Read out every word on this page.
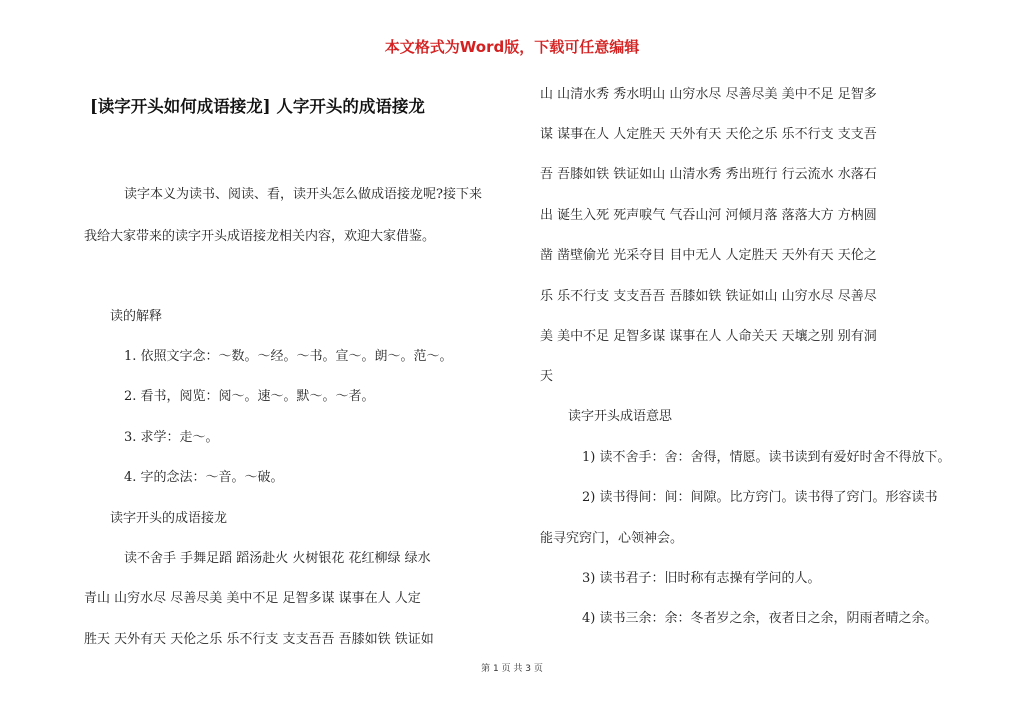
本文格式为Word版，下载可任意编辑
[读字开头如何成语接龙] 人字开头的成语接龙
读字本义为读书、阅读、看，读开头怎么做成语接龙呢?接下来
我给大家带来的读字开头成语接龙相关内容，欢迎大家借鉴。
读的解释
1. 依照文字念：～数。～经。～书。宣～。朗～。范～。
2. 看书，阅览：阅～。速～。默～。～者。
3. 求学：走～。
4. 字的念法：～音。～破。
读字开头的成语接龙
读不舍手 手舞足蹈 蹈汤赴火 火树银花 花红柳绿 绿水
青山 山穷水尽 尽善尽美 美中不足 足智多谋 谋事在人 人定
胜天 天外有天 天伦之乐 乐不行支 支支吾吾 吾膝如铁 铁证如
山 山清水秀 秀水明山 山穷水尽 尽善尽美 美中不足 足智多
谋 谋事在人 人定胜天 天外有天 天伦之乐 乐不行支 支支吾
吾 吾膝如铁 铁证如山 山清水秀 秀出班行 行云流水 水落石
出 诞生入死 死声唳气 气吞山河 河倾月落 落落大方 方枘圆
凿 凿壁偷光 光采夺目 目中无人 人定胜天 天外有天 天伦之
乐 乐不行支 支支吾吾 吾膝如铁 铁证如山 山穷水尽 尽善尽
美 美中不足 足智多谋 谋事在人 人命关天 天壤之别 别有洞
天
读字开头成语意思
1) 读不舍手：舍：舍得，情愿。读书读到有爱好时舍不得放下。
2) 读书得间：间：间隙。比方窍门。读书得了窍门。形容读书
能寻究窍门，心领神会。
3) 读书君子：旧时称有志操有学问的人。
4) 读书三余：余：冬者岁之余，夜者日之余，阴雨者晴之余。
第 1 页 共 3 页
